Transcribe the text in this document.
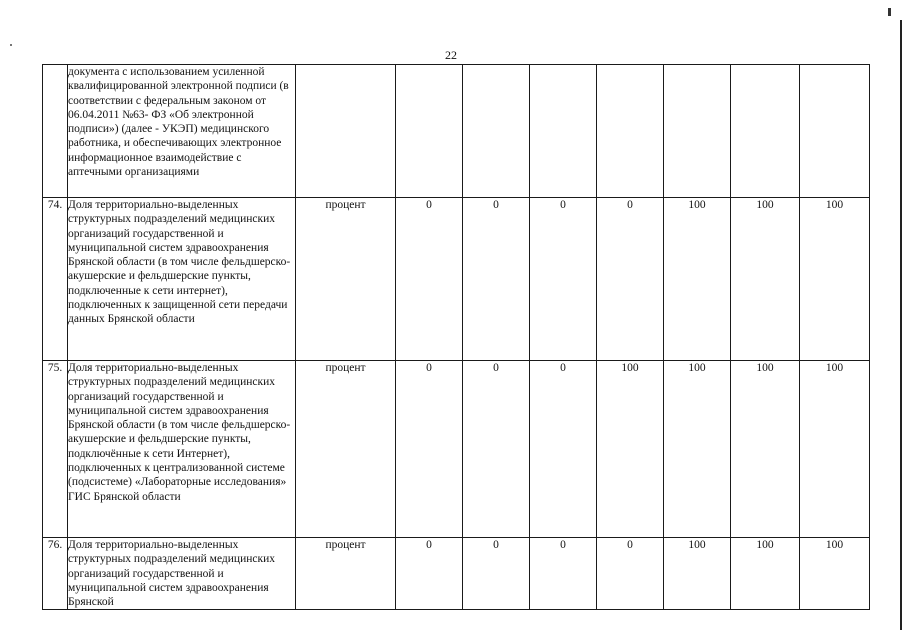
22
	документа с использованием усиленной квалифицированной электронной подписи (в соответствии с федеральным законом от 06.04.2011 №63- ФЗ «Об электронной подписи») (далее - УКЭП) медицинского работника, и обеспечивающих электронное информационное взаимодействие с аптечными организациями								
74.	Доля территориально-выделенных структурных подразделений медицинских организаций государственной и муниципальной систем здравоохранения Брянской области (в том числе фельдшерско-акушерские и фельдшерские пункты, подключенные к сети интернет), подключенных к защищенной сети передачи данных Брянской области	процент	0	0	0	0	100	100	100
75.	Доля территориально-выделенных структурных подразделений медицинских организаций государственной и муниципальной систем здравоохранения Брянской области (в том числе фельдшерско-акушерские и фельдшерские пункты, подключённые к сети Интернет), подключенных к централизованной системе (подсистеме) «Лабораторные исследования» ГИС Брянской области	процент	0	0	0	100	100	100	100
76.	Доля территориально-выделенных структурных подразделений медицинских организаций государственной и муниципальной систем здравоохранения Брянской	процент	0	0	0	0	100	100	100
